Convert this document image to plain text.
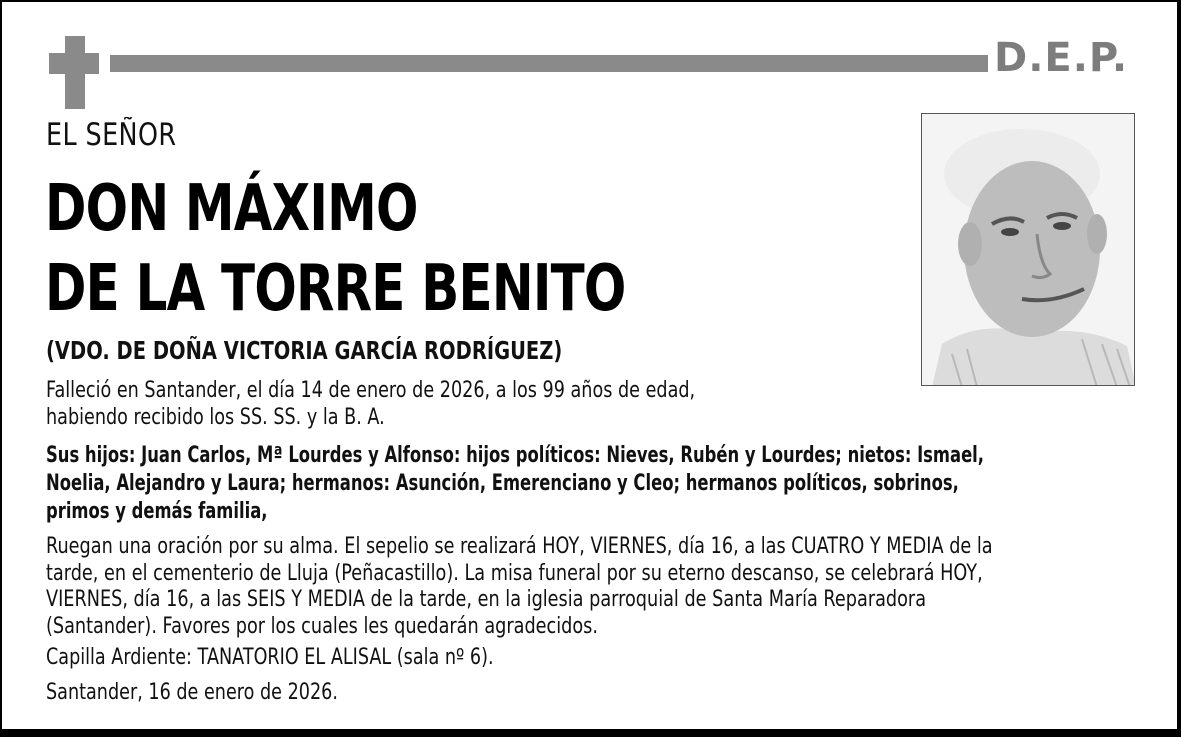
D.E.P.
EL SEÑOR
DON MÁXIMO
DE LA TORRE BENITO
(VDO. DE DOÑA VICTORIA GARCÍA RODRÍGUEZ)
Falleció en Santander, el día 14 de enero de 2026, a los 99 años de edad,
habiendo recibido los SS. SS. y la B. A.
Sus hijos: Juan Carlos, Mª Lourdes y Alfonso: hijos políticos: Nieves, Rubén y Lourdes; nietos: Ismael,
Noelia, Alejandro y Laura; hermanos: Asunción, Emerenciano y Cleo; hermanos políticos, sobrinos,
primos y demás familia,
Ruegan una oración por su alma. El sepelio se realizará HOY, VIERNES, día 16, a las CUATRO Y MEDIA de la
tarde, en el cementerio de Lluja (Peñacastillo). La misa funeral por su eterno descanso, se celebrará HOY,
VIERNES, día 16, a las SEIS Y MEDIA de la tarde, en la iglesia parroquial de Santa María Reparadora
(Santander). Favores por los cuales les quedarán agradecidos.
Capilla Ardiente: TANATORIO EL ALISAL (sala nº 6).
Santander, 16 de enero de 2026.
